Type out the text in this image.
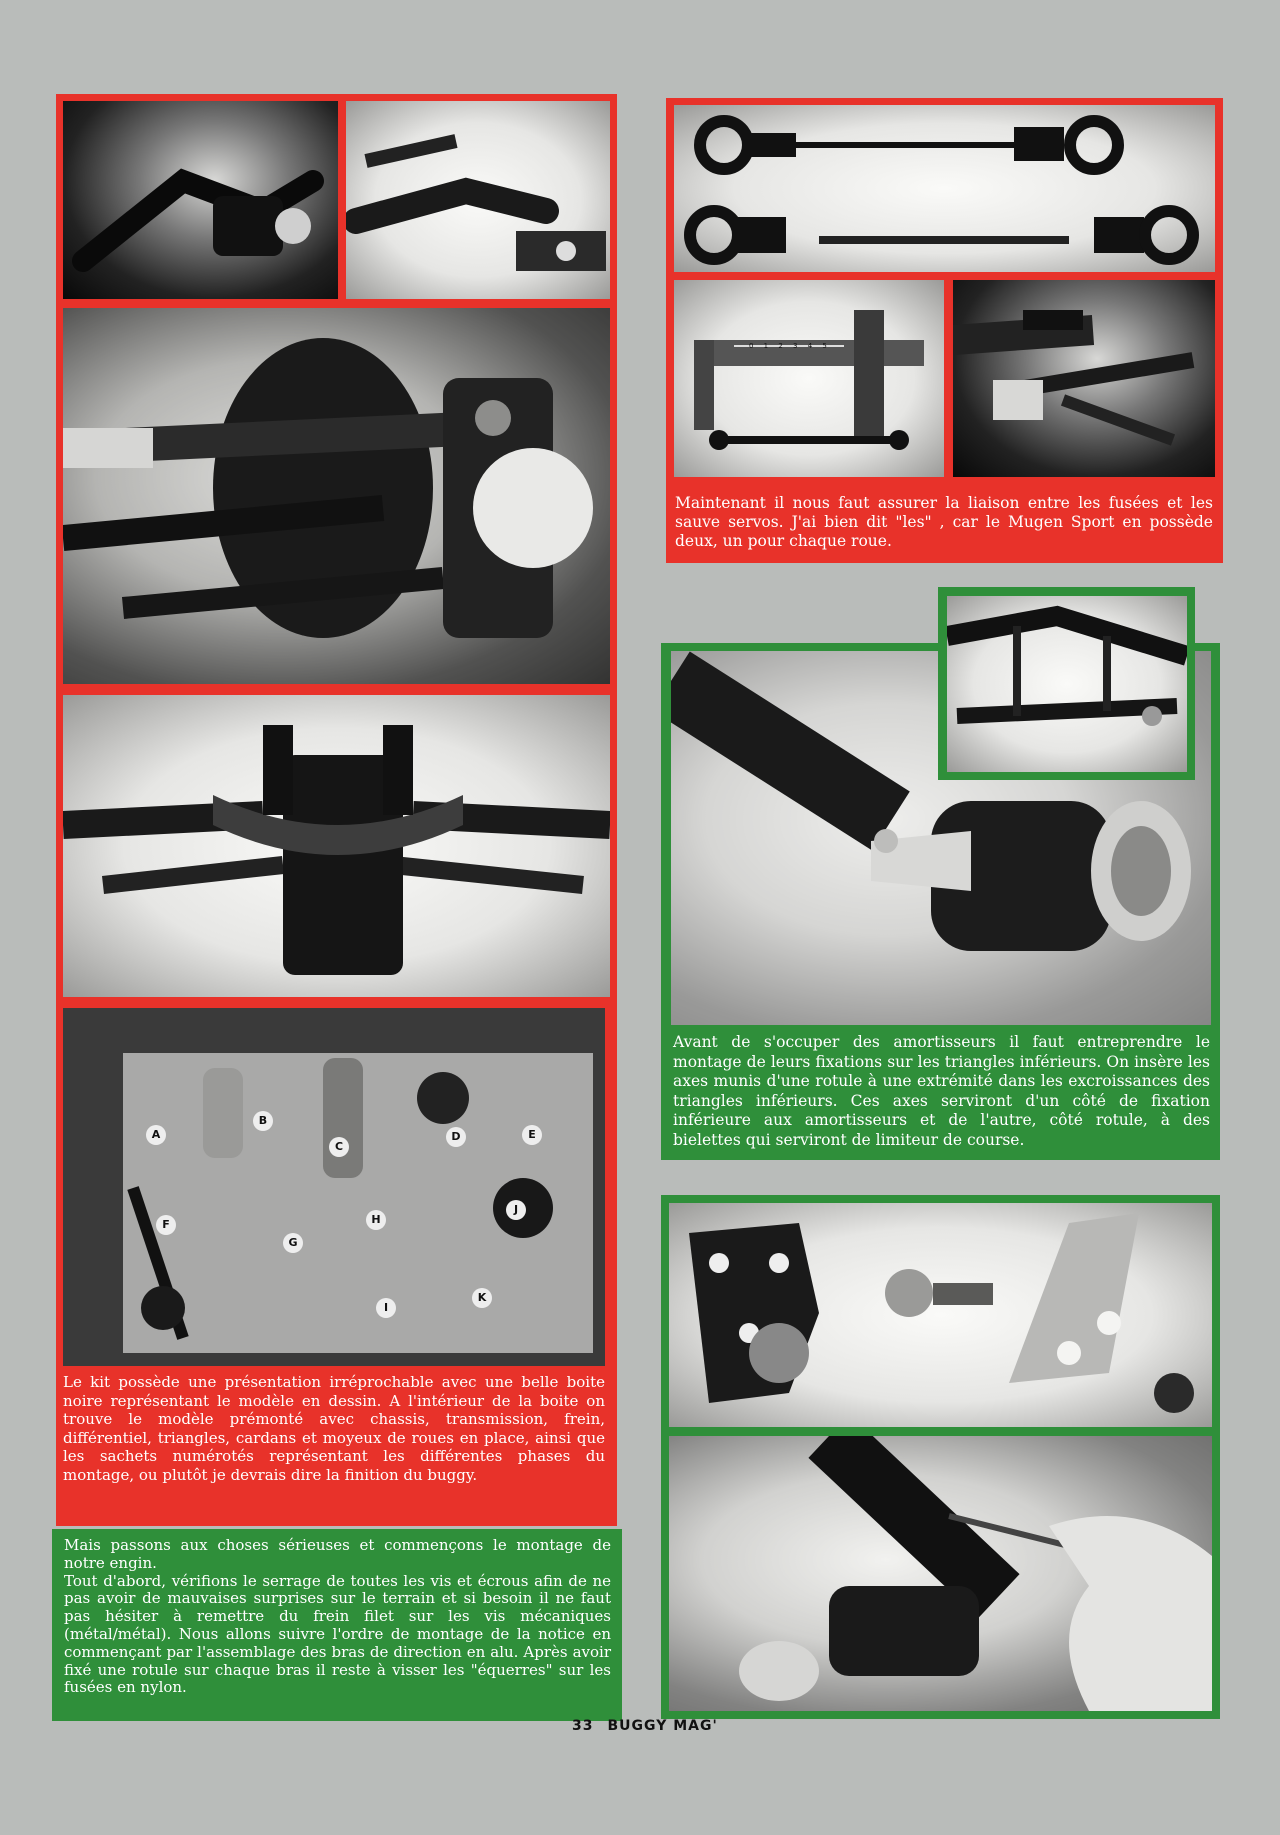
A
B
C
D	E
F
G
H
I
J
K

Le kit possède une présentation irréprochable avec une belle boite noire représentant le modèle en dessin. A l'intérieur de la boite on trouve le modèle prémonté avec chassis, transmission, frein, différentiel, triangles, cardans et moyeux de roues en place, ainsi que les sachets numérotés représentant les différentes phases du montage, ou plutôt je devrais dire la finition du buggy.

Mais passons aux choses sérieuses et commençons le montage de notre engin.
Tout d'abord, vérifions le serrage de toutes les vis et écrous afin de ne pas avoir de mauvaises surprises sur le terrain et si besoin il ne faut pas hésiter à remettre du frein filet sur les vis mécaniques (métal/métal). Nous allons suivre l'ordre de montage de la notice en commençant par l'assemblage des bras de direction en alu. Après avoir fixé une rotule sur chaque bras il reste à visser les "équerres" sur les fusées en nylon.

0 1 2 3 4 5

Maintenant il nous faut assurer la liaison entre les fusées et les sauve servos. J'ai bien dit "les" , car le Mugen Sport en possède deux, un pour chaque roue.

Avant de s'occuper des amortisseurs il faut entreprendre le montage de leurs fixations sur les triangles inférieurs. On insère les axes munis d'une rotule à une extrémité dans les excroissances des triangles inférieurs. Ces axes serviront d'un côté de fixation inférieure aux amortisseurs et de l'autre, côté rotule, à des bielettes qui serviront de limiteur de course.

33 BUGGY MAG'
